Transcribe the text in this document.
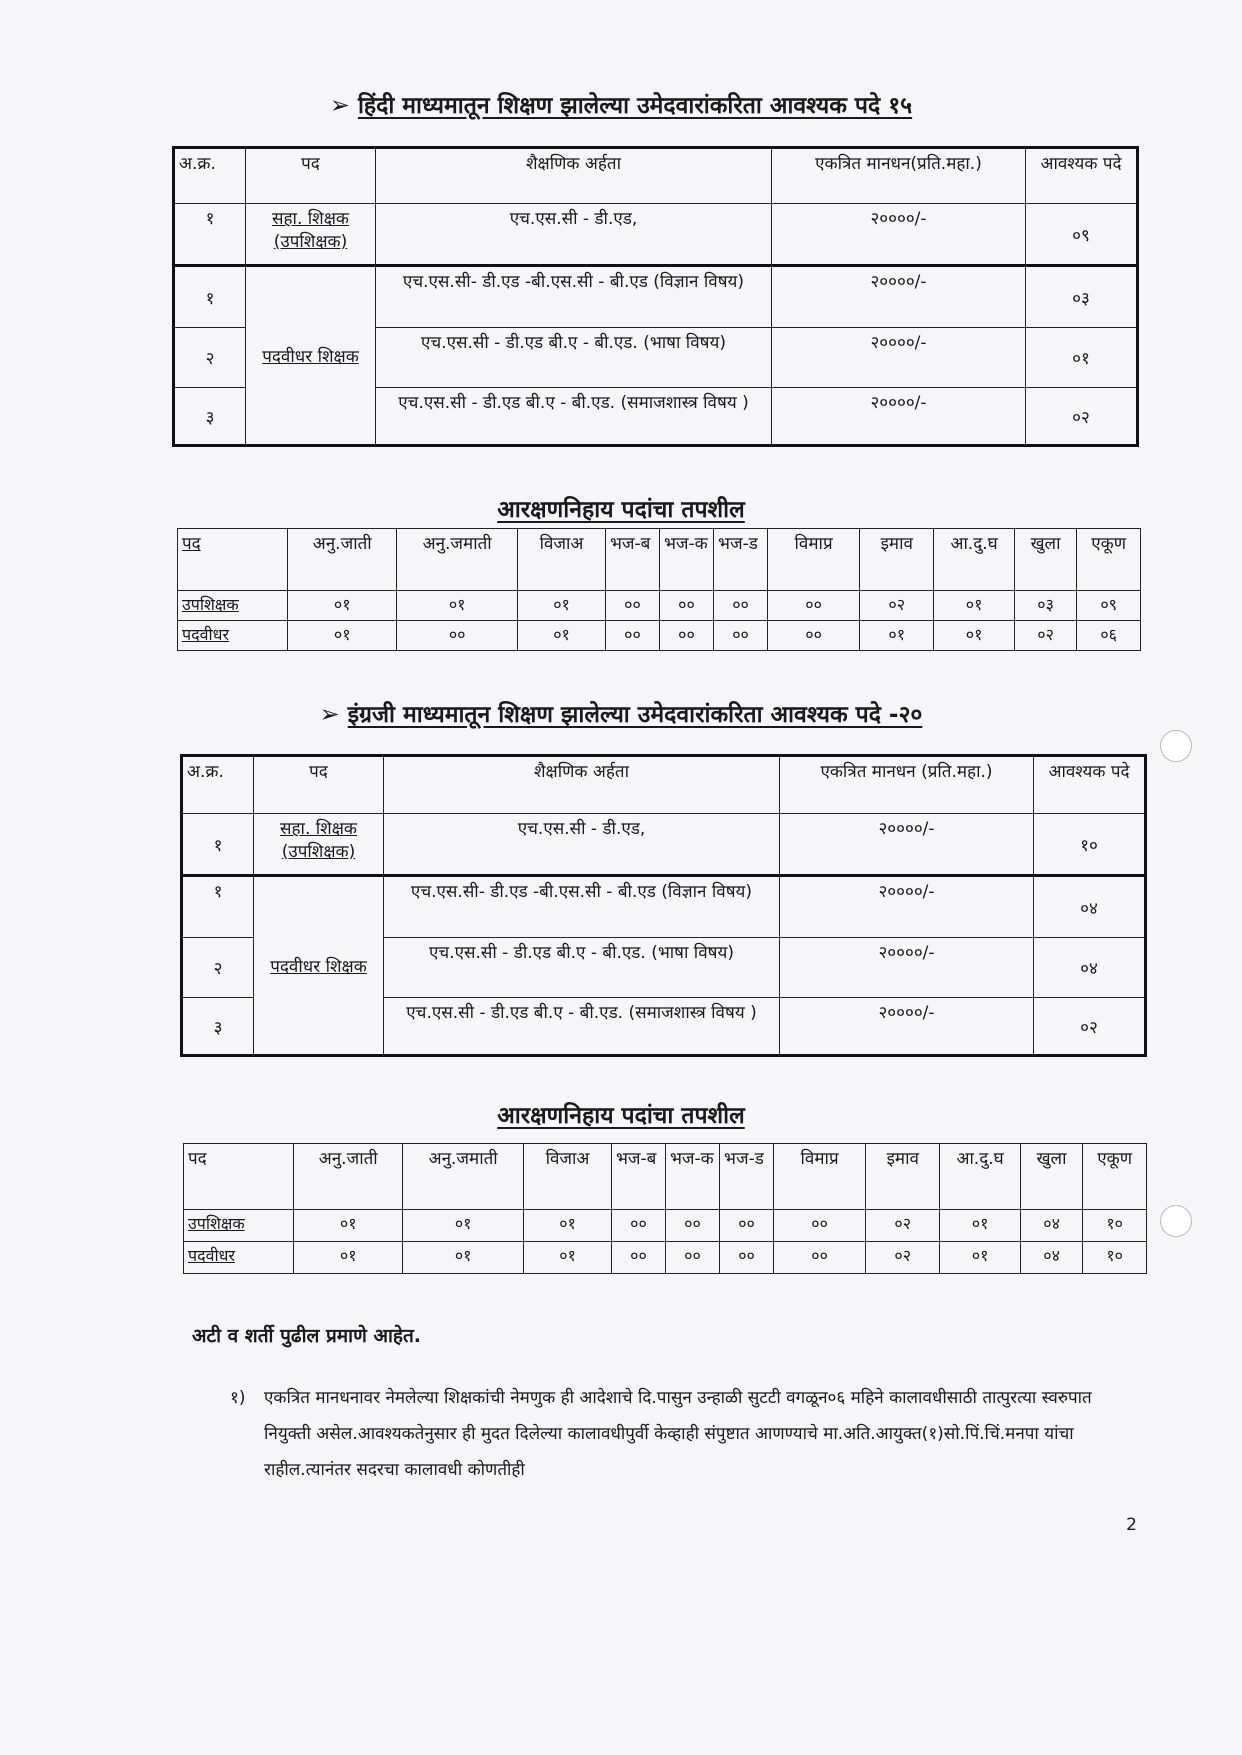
➢ हिंदी माध्यमातून शिक्षण झालेल्या उमेदवारांकरिता आवश्यक पदे १५
अ.क्र.	पद	शैक्षणिक अर्हता	एकत्रित मानधन(प्रति.महा.)	आवश्यक पदे
१	सहा. शिक्षक (उपशिक्षक)	एच.एस.सी - डी.एड,	२००००/-	०९
१	पदवीधर शिक्षक	एच.एस.सी- डी.एड -बी.एस.सी - बी.एड (विज्ञान विषय)	२००००/-	०३
२		एच.एस.सी - डी.एड बी.ए - बी.एड. (भाषा विषय)	२००००/-	०१
३		एच.एस.सी - डी.एड बी.ए - बी.एड. (समाजशास्त्र विषय )	२००००/-	०२
आरक्षणनिहाय पदांचा तपशील
पद	अनु.जाती	अनु.जमाती	विजाअ	भज-ब	भज-क	भज-ड	विमाप्र	इमाव	आ.दु.घ	खुला	एकूण
उपशिक्षक	०१	०१	०१	००	००	००	००	०२	०१	०३	०९
पदवीधर	०१	००	०१	००	००	००	००	०१	०१	०२	०६
➢ इंग्रजी माध्यमातून शिक्षण झालेल्या उमेदवारांकरिता आवश्यक पदे -२०
अ.क्र.	पद	शैक्षणिक अर्हता	एकत्रित मानधन (प्रति.महा.)	आवश्यक पदे
१	सहा. शिक्षक (उपशिक्षक)	एच.एस.सी - डी.एड,	२००००/-	१०
१	पदवीधर शिक्षक	एच.एस.सी- डी.एड -बी.एस.सी - बी.एड (विज्ञान विषय)	२००००/-	०४
२		एच.एस.सी - डी.एड बी.ए - बी.एड. (भाषा विषय)	२००००/-	०४
३		एच.एस.सी - डी.एड बी.ए - बी.एड. (समाजशास्त्र विषय )	२००००/-	०२
आरक्षणनिहाय पदांचा तपशील
पद	अनु.जाती	अनु.जमाती	विजाअ	भज-ब	भज-क	भज-ड	विमाप्र	इमाव	आ.दु.घ	खुला	एकूण
उपशिक्षक	०१	०१	०१	००	००	००	००	०२	०१	०४	१०
पदवीधर	०१	०१	०१	००	००	००	००	०२	०१	०४	१०
अटी व शर्ती पुढील प्रमाणे आहेत.
१) एकत्रित मानधनावर नेमलेल्या शिक्षकांची नेमणुक ही आदेशाचे दि.पासुन उन्हाळी सुटटी वगळून०६ महिने कालावधीसाठी तात्पुरत्या स्वरुपात नियुक्ती असेल.आवश्यकतेनुसार ही मुदत दिलेल्या कालावधीपुर्वी केव्हाही संपुष्टात आणण्याचे मा.अति.आयुक्त(१)सो.पिं.चिं.मनपा यांचा राहील.त्यानंतर सदरचा कालावधी कोणतीही
2
